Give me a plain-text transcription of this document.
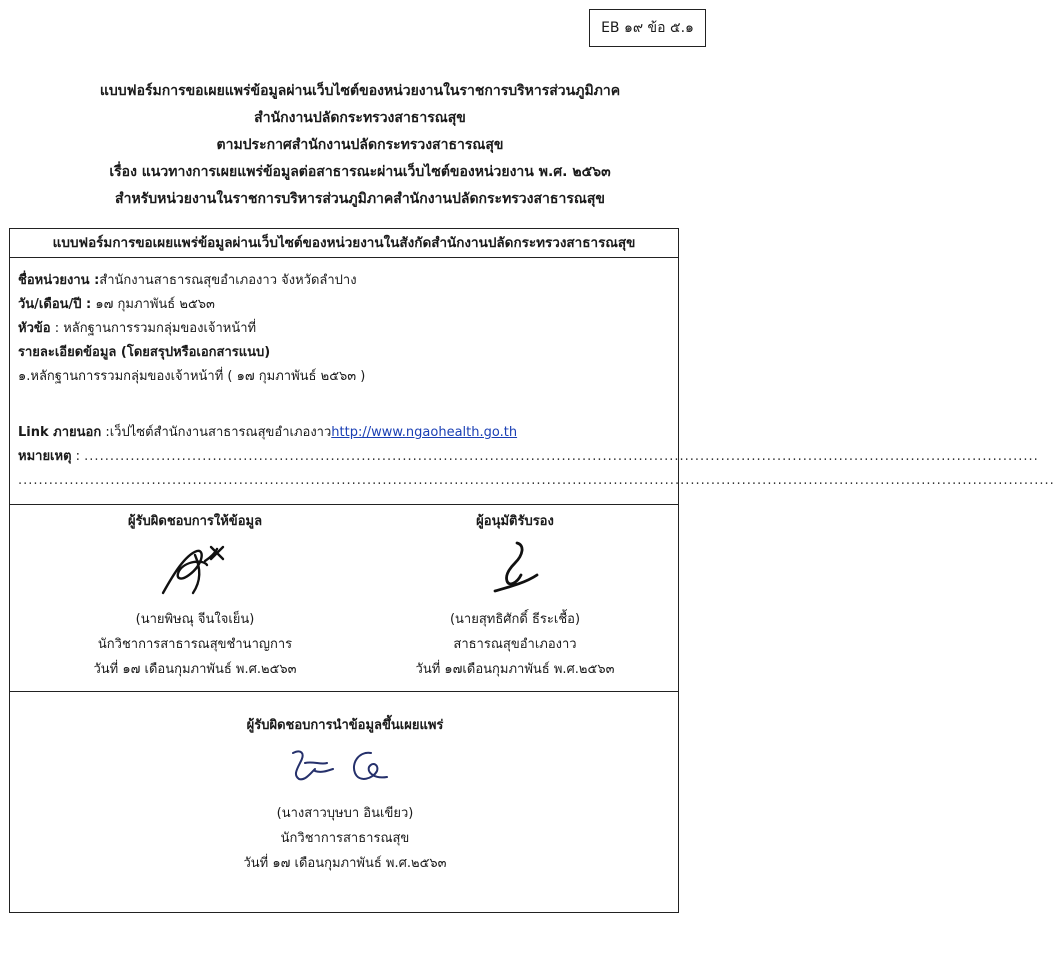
EB ๑๙ ข้อ ๕.๑
แบบฟอร์มการขอเผยแพร่ข้อมูลผ่านเว็บไซต์ของหน่วยงานในราชการบริหารส่วนภูมิภาค
สำนักงานปลัดกระทรวงสาธารณสุข
ตามประกาศสำนักงานปลัดกระทรวงสาธารณสุข
เรื่อง แนวทางการเผยแพร่ข้อมูลต่อสาธารณะผ่านเว็บไซต์ของหน่วยงาน พ.ศ. ๒๕๖๓
สำหรับหน่วยงานในราชการบริหารส่วนภูมิภาคสำนักงานปลัดกระทรวงสาธารณสุข
แบบฟอร์มการขอเผยแพร่ข้อมูลผ่านเว็บไซต์ของหน่วยงานในสังกัดสำนักงานปลัดกระทรวงสาธารณสุข
ชื่อหน่วยงาน :สำนักงานสาธารณสุขอำเภองาว จังหวัดลำปาง
วัน/เดือน/ปี : ๑๗ กุมภาพันธ์ ๒๕๖๓
หัวข้อ : หลักฐานการรวมกลุ่มของเจ้าหน้าที่
รายละเอียดข้อมูล (โดยสรุปหรือเอกสารแนบ)
๑.หลักฐานการรวมกลุ่มของเจ้าหน้าที่ ( ๑๗ กุมภาพันธ์ ๒๕๖๓ )
Link ภายนอก :เว็ปไซต์สำนักงานสาธารณสุขอำเภองาวhttp://www.ngaohealth.go.th
หมายเหตุ : ..........................................................................................................................................................................................
..........................................................................................................................................................................................................
ผู้รับผิดชอบการให้ข้อมูล
(นายพิษณุ จีนใจเย็น)
นักวิชาการสาธารณสุขชำนาญการ
วันที่ ๑๗ เดือนกุมภาพันธ์ พ.ศ.๒๕๖๓
ผู้อนุมัติรับรอง
(นายสุทธิศักดิ์ ธีระเชื้อ)
สาธารณสุขอำเภองาว
วันที่ ๑๗เดือนกุมภาพันธ์ พ.ศ.๒๕๖๓
ผู้รับผิดชอบการนำข้อมูลขึ้นเผยแพร่
(นางสาวบุษบา อินเขียว)
นักวิชาการสาธารณสุข
วันที่ ๑๗ เดือนกุมภาพันธ์ พ.ศ.๒๕๖๓
